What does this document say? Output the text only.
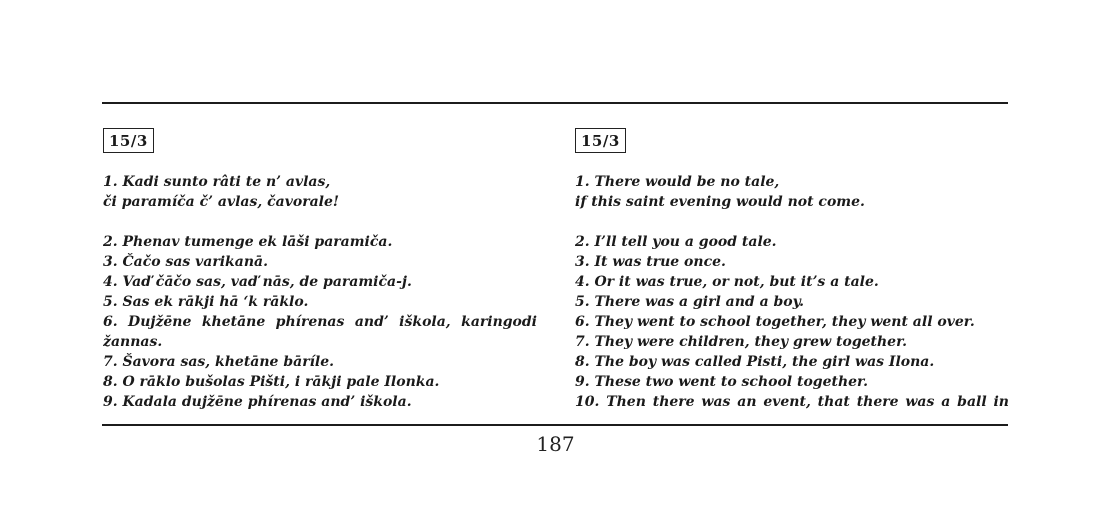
15/3
1. Kadi sunto râti te n’ avlas,
či paramíča č’ avlas, čavorale!
2. Phenav tumenge ek lāši paramiča.
3. Čačo sas varikanā.
4. Vaď čāčo sas, vaď nās, de paramiča-j.
5. Sas ek rākji hā ‘k rāklo.
6. Dujžēne khetāne phírenas and’ iškola, karingodi
žannas.
7. Šavora sas, khetāne bāríle.
8. O rāklo bušolas Pišti, i rākji pale Ilonka.
9. Kadala dujžēne phírenas and’ iškola.
15/3
1. There would be no tale,
if this saint evening would not come.
2. I’ll tell you a good tale.
3. It was true once.
4. Or it was true, or not, but it’s a tale.
5. There was a girl and a boy.
6. They went to school together, they went all over.
7. They were children, they grew together.
8. The boy was called Pisti, the girl was Ilona.
9. These two went to school together.
10. Then there was an event, that there was a ball in
187
